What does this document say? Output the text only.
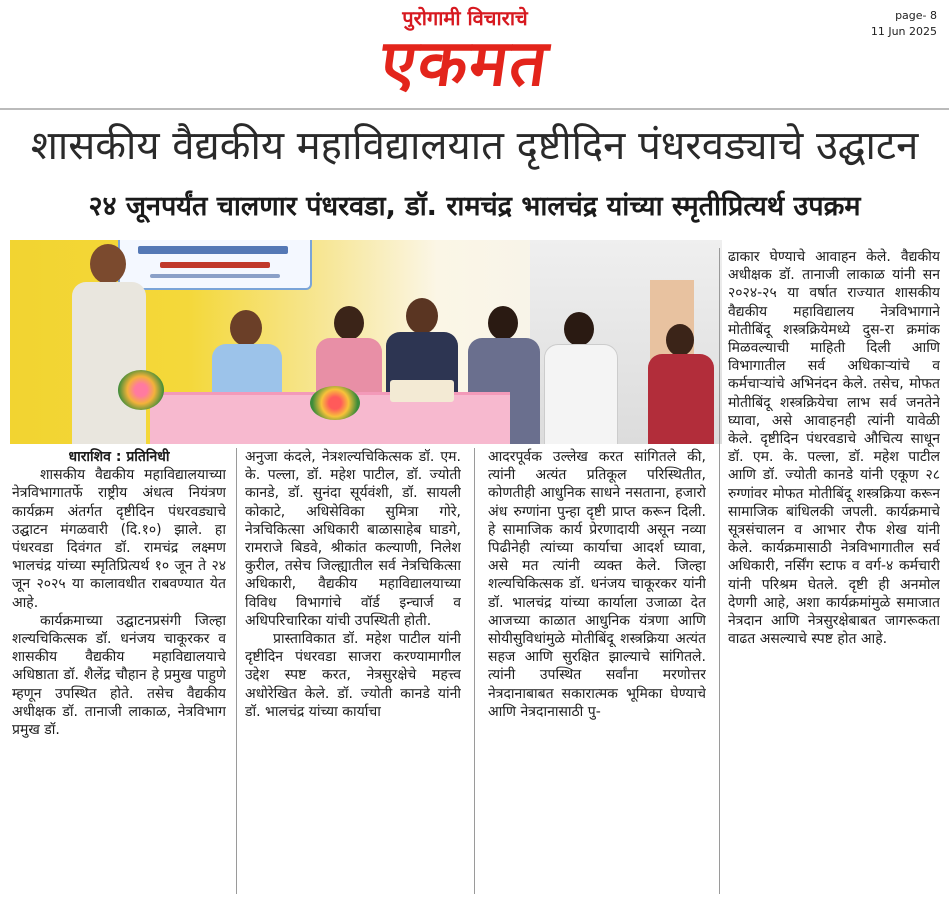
पुरोगामी विचाराचे
एकमत
page- 8
11 Jun 2025
शासकीय वैद्यकीय महाविद्यालयात दृष्टीदिन पंधरवड्याचे उद्घाटन
२४ जूनपर्यंत चालणार पंधरवडा, डॉ. रामचंद्र भालचंद्र यांच्या स्मृतीप्रित्यर्थ उपक्रम
धाराशिव : प्रतिनिधी

शासकीय वैद्यकीय महाविद्यालयाच्या नेत्रविभागातर्फे राष्ट्रीय अंधत्व नियंत्रण कार्यक्रम अंतर्गत दृष्टीदिन पंधरवड्याचे उद्घाटन मंगळवारी (दि.१०) झाले. हा पंधरवडा दिवंगत डॉ. रामचंद्र लक्ष्मण भालचंद्र यांच्या स्मृतिप्रित्यर्थ १० जून ते २४ जून २०२५ या कालावधीत राबवण्यात येत आहे.

कार्यक्रमाच्या उद्घाटनप्रसंगी जिल्हा शल्यचिकित्सक डॉ. धनंजय चाकूरकर व शासकीय वैद्यकीय महाविद्यालयाचे अधिष्ठाता डॉ. शैलेंद्र चौहान हे प्रमुख पाहुणे म्हणून उपस्थित होते. तसेच वैद्यकीय अधीक्षक डॉ. तानाजी लाकाळ, नेत्रविभाग प्रमुख डॉ.

अनुजा कंदले, नेत्रशल्यचिकित्सक डॉ. एम. के. पल्ला, डॉ. महेश पाटील, डॉ. ज्योती कानडे, डॉ. सुनंदा सूर्यवंशी, डॉ. सायली कोकाटे, अधिसेविका सुमित्रा गोरे, नेत्रचिकित्सा अधिकारी बाळासाहेब घाडगे, रामराजे बिडवे, श्रीकांत कल्याणी, निलेश कुरील, तसेच जिल्ह्यातील सर्व नेत्रचिकित्सा अधिकारी, वैद्यकीय महाविद्यालयाच्या विविध विभागांचे वॉर्ड इन्चार्ज व अधिपरिचारिका यांची उपस्थिती होती.

प्रास्ताविकात डॉ. महेश पाटील यांनी दृष्टीदिन पंधरवडा साजरा करण्यामागील उद्देश स्पष्ट करत, नेत्रसुरक्षेचे महत्त्व अधोरेखित केले. डॉ. ज्योती कानडे यांनी डॉ. भालचंद्र यांच्या कार्याचा

आदरपूर्वक उल्लेख करत सांगितले की, त्यांनी अत्यंत प्रतिकूल परिस्थितीत, कोणतीही आधुनिक साधने नसताना, हजारो अंध रुग्णांना पुन्हा दृष्टी प्राप्त करून दिली. हे सामाजिक कार्य प्रेरणादायी असून नव्या पिढीनेही त्यांच्या कार्याचा आदर्श घ्यावा, असे मत त्यांनी व्यक्त केले. जिल्हा शल्यचिकित्सक डॉ. धनंजय चाकूरकर यांनी डॉ. भालचंद्र यांच्या कार्याला उजाळा देत आजच्या काळात आधुनिक यंत्रणा आणि सोयीसुविधांमुळे मोतीबिंदू शस्त्रक्रिया अत्यंत सहज आणि सुरक्षित झाल्याचे सांगितले. त्यांनी उपस्थित सर्वांना मरणोत्तर नेत्रदानाबाबत सकारात्मक भूमिका घेण्याचे आणि नेत्रदानासाठी पु-

ढाकार घेण्याचे आवाहन केले. वैद्यकीय अधीक्षक डॉ. तानाजी लाकाळ यांनी सन २०२४-२५ या वर्षात राज्यात शासकीय वैद्यकीय महाविद्यालय नेत्रविभागाने मोतीबिंदू शस्त्रक्रियेमध्ये दुस-रा क्रमांक मिळवल्याची माहिती दिली आणि विभागातील सर्व अधिकाऱ्यांचे व कर्मचाऱ्यांचे अभिनंदन केले. तसेच, मोफत मोतीबिंदू शस्त्रक्रियेचा लाभ सर्व जनतेने घ्यावा, असे आवाहनही त्यांनी यावेळी केले. दृष्टीदिन पंधरवडाचे औचित्य साधून डॉ. एम. के. पल्ला, डॉ. महेश पाटील आणि डॉ. ज्योती कानडे यांनी एकूण २८ रुग्णांवर मोफत मोतीबिंदू शस्त्रक्रिया करून सामाजिक बांधिलकी जपली. कार्यक्रमाचे सूत्रसंचालन व आभार रौफ शेख यांनी केले. कार्यक्रमासाठी नेत्रविभागातील सर्व अधिकारी, नर्सिंग स्टाफ व वर्ग-४ कर्मचारी यांनी परिश्रम घेतले. दृष्टी ही अनमोल देणगी आहे, अशा कार्यक्रमांमुळे समाजात नेत्रदान आणि नेत्रसुरक्षेबाबत जागरूकता वाढत असल्याचे स्पष्ट होत आहे.
